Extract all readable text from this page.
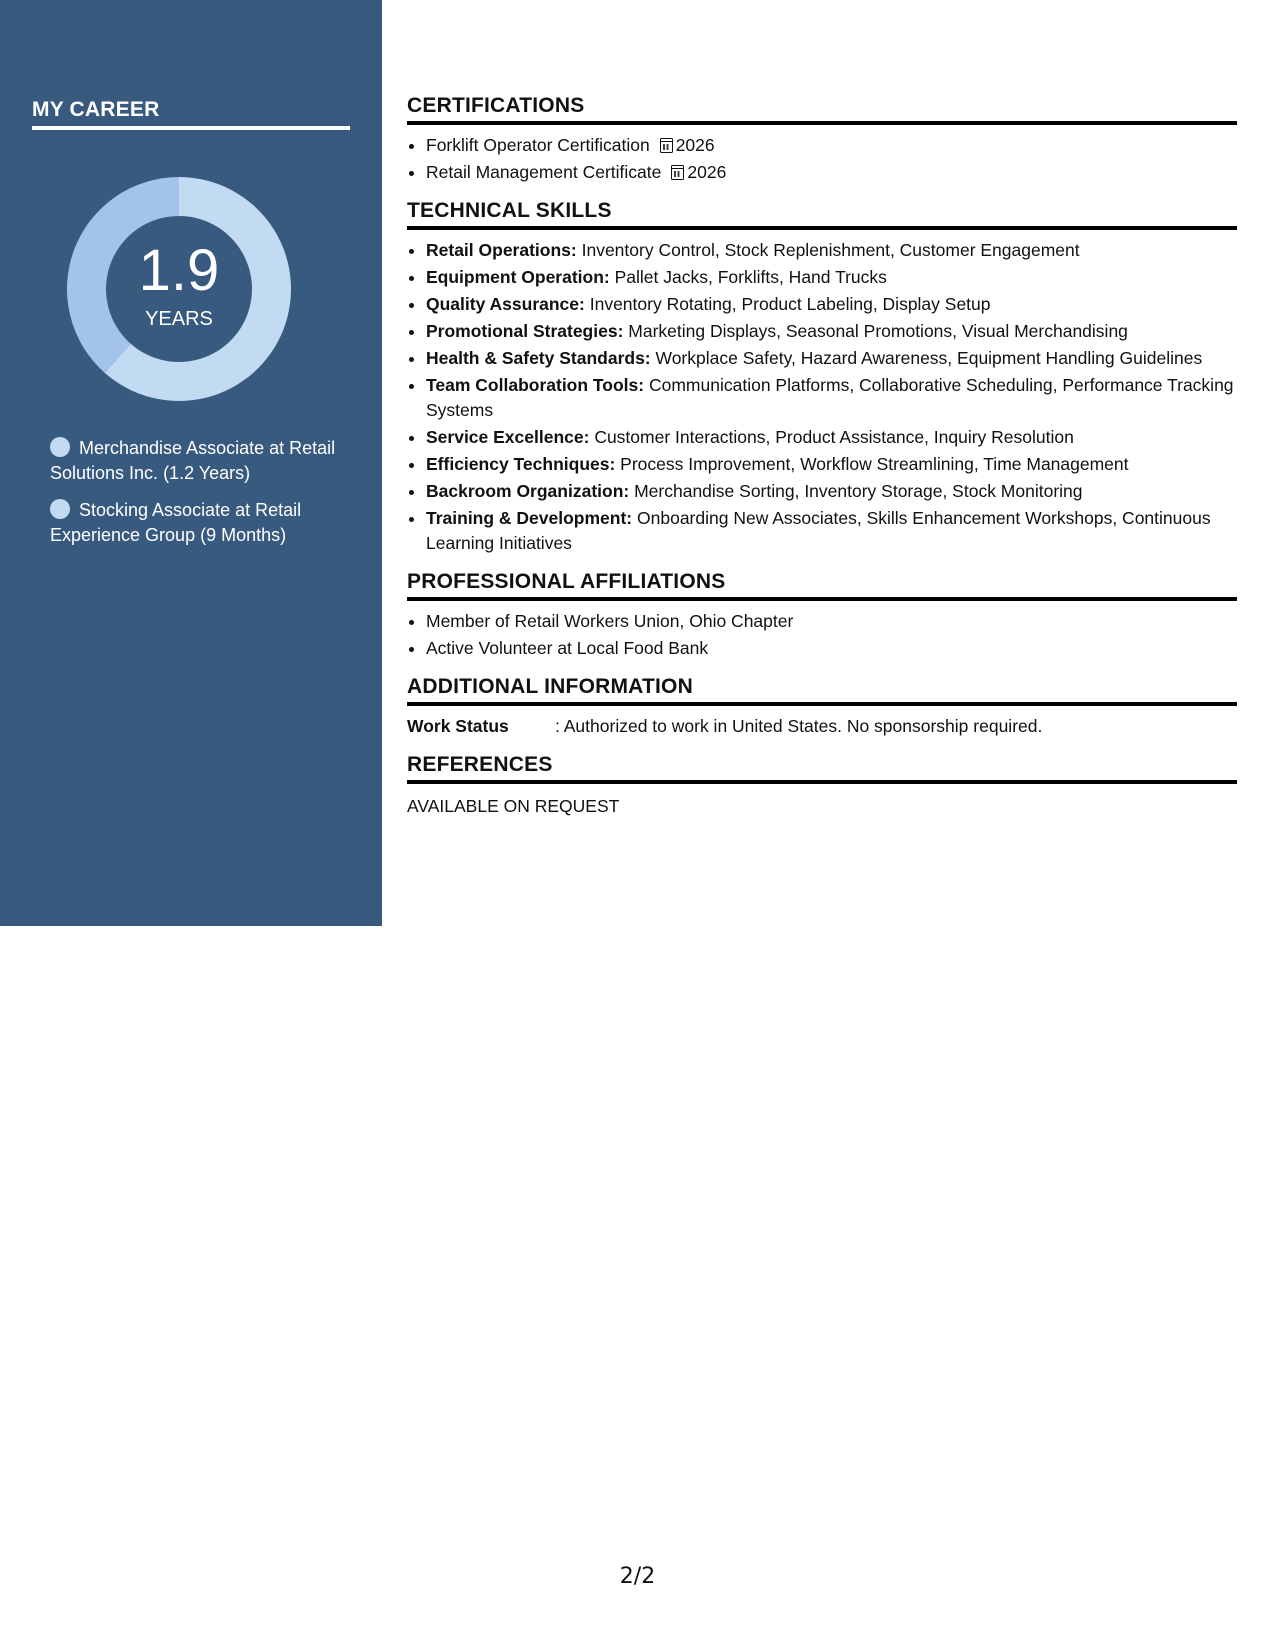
MY CAREER
1.9
YEARS
Merchandise Associate at Retail Solutions Inc. (1.2 Years)
Stocking Associate at Retail Experience Group (9 Months)
CERTIFICATIONS
• Forklift Operator Certification 2026
• Retail Management Certificate 2026
TECHNICAL SKILLS
• Retail Operations: Inventory Control, Stock Replenishment, Customer Engagement
• Equipment Operation: Pallet Jacks, Forklifts, Hand Trucks
• Quality Assurance: Inventory Rotating, Product Labeling, Display Setup
• Promotional Strategies: Marketing Displays, Seasonal Promotions, Visual Merchandising
• Health & Safety Standards: Workplace Safety, Hazard Awareness, Equipment Handling Guidelines
• Team Collaboration Tools: Communication Platforms, Collaborative Scheduling, Performance Tracking Systems
• Service Excellence: Customer Interactions, Product Assistance, Inquiry Resolution
• Efficiency Techniques: Process Improvement, Workflow Streamlining, Time Management
• Backroom Organization: Merchandise Sorting, Inventory Storage, Stock Monitoring
• Training & Development: Onboarding New Associates, Skills Enhancement Workshops, Continuous Learning Initiatives
PROFESSIONAL AFFILIATIONS
• Member of Retail Workers Union, Ohio Chapter
• Active Volunteer at Local Food Bank
ADDITIONAL INFORMATION
Work Status	: Authorized to work in United States. No sponsorship required.
REFERENCES
AVAILABLE ON REQUEST
2/2
